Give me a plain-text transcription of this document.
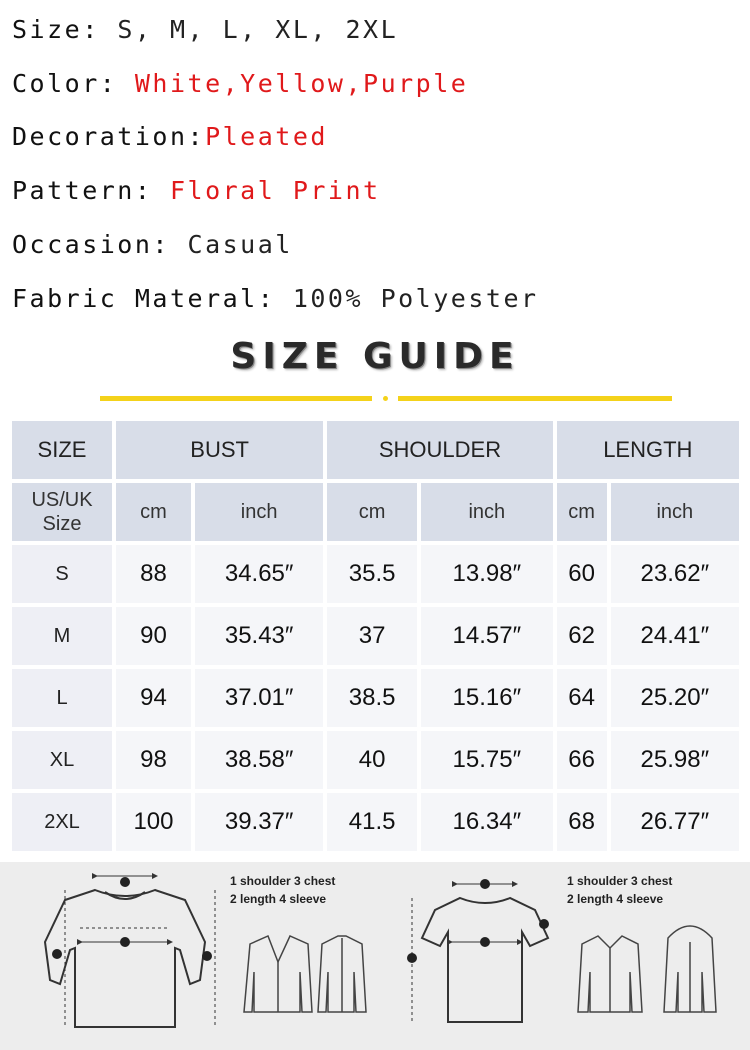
Size: S, M, L, XL, 2XL
Color: White,Yellow,Purple
Decoration:Pleated
Pattern: Floral Print
Occasion: Casual
Fabric Materal: 100% Polyester
SIZE GUIDE
SIZE	BUST		SHOULDER		LENGTH	

US/UK Size	cm	inch	cm	inch	cm	inch
S	88	34.65″	35.5	13.98″	60	23.62″
M	90	35.43″	37	14.57″	62	24.41″
L	94	37.01″	38.5	15.16″	64	25.20″
XL	98	38.58″	40	15.75″	66	25.98″
2XL	100	39.37″	41.5	16.34″	68	26.77″
1 shoulder 3 chest
2 length 4 sleeve
1 shoulder 3 chest
2 length 4 sleeve
